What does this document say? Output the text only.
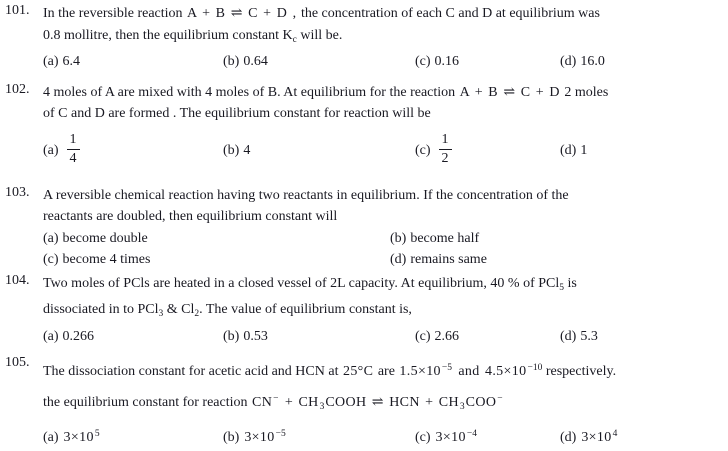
101. In the reversible reaction A + B ⇌ C + D , the concentration of each C and D at equilibrium was
0.8 mollitre, then the equilibrium constant $K_c$ will be.
(a) 6.4	(b) 0.64	(c) 0.16	(d) 16.0
102. 4 moles of A are mixed with 4 moles of B. At equilibrium for the reaction A + B ⇌ C + D 2 moles
of C and D are formed . The equilibrium constant for reaction will be
$(a) \frac{1}{4}$	(b) 4	$(c) \frac{1}{2}$	(d) 1
103. A reversible chemical reaction having two reactants in equilibrium. If the concentration of the
reactants are doubled, then equilibrium constant will
(a) become double	(b) become half
(c) become 4 times	(d) remains same
104. Two moles of PCls are heated in a closed vessel of 2L capacity. At equilibrium, 40 % of PCl$_5$ is
dissociated in to PCl$_3$ & $Cl_2$. The value of equilibrium constant is,
(a) 0.266	(b) 0.53	(c) 2.66	(d) 5.3
105.
The dissociation constant for acetic acid and HCN at 25°C are $1.5\times 10^{-5}$ and $4.5\times 10^{-10}$ respectively.
the equilibrium constant for reaction $CN^- + CH_3COOH$ ⇌ HCN + $CH_3COO^-$
(a) $3\times 10^5$	(b) $3\times 10^{-5}$	(c) $3\times 10^{-4}$	(d) $3\times 10^4$
